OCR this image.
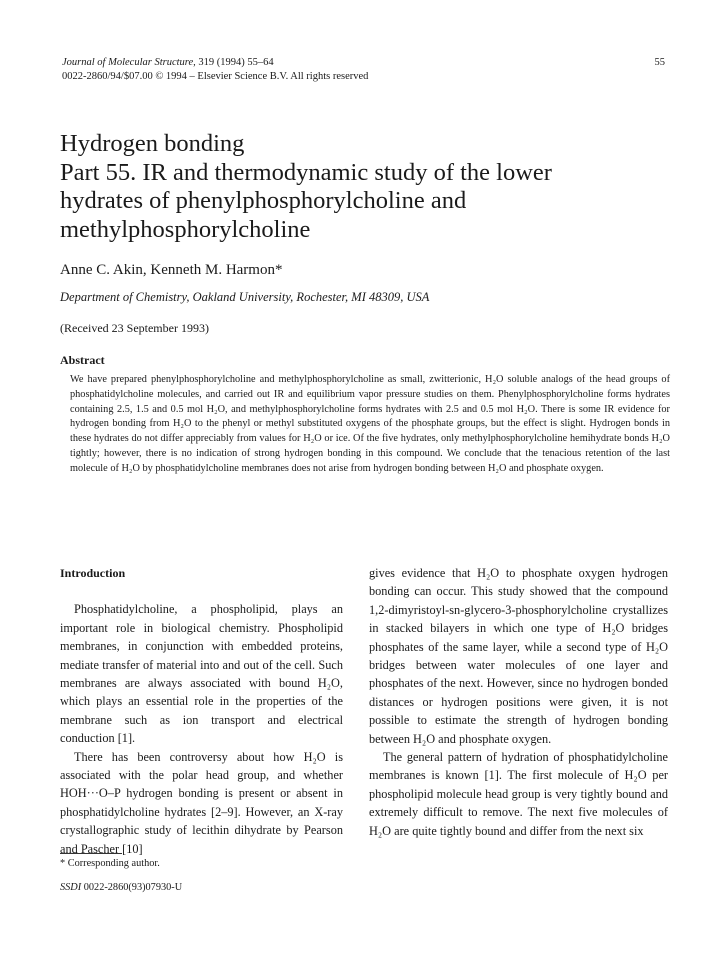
Journal of Molecular Structure, 319 (1994) 55–64
0022-2860/94/$07.00 © 1994 – Elsevier Science B.V. All rights reserved
55
Hydrogen bonding
Part 55. IR and thermodynamic study of the lower
hydrates of phenylphosphorylcholine and
methylphosphorylcholine
Anne C. Akin, Kenneth M. Harmon*
Department of Chemistry, Oakland University, Rochester, MI 48309, USA
(Received 23 September 1993)
Abstract
We have prepared phenylphosphorylcholine and methylphosphorylcholine as small, zwitterionic, H₂O soluble analogs of the head groups of phosphatidylcholine molecules, and carried out IR and equilibrium vapor pressure studies on them. Phenylphosphorylcholine forms hydrates containing 2.5, 1.5 and 0.5 mol H₂O, and methylphosphorylcholine forms hydrates with 2.5 and 0.5 mol H₂O. There is some IR evidence for hydrogen bonding from H₂O to the phenyl or methyl substituted oxygens of the phosphate groups, but the effect is slight. Hydrogen bonds in these hydrates do not differ appreciably from values for H₂O or ice. Of the five hydrates, only methylphosphorylcholine hemihydrate bonds H₂O tightly; however, there is no indication of strong hydrogen bonding in this compound. We conclude that the tenacious retention of the last molecule of H₂O by phosphatidylcholine membranes does not arise from hydrogen bonding between H₂O and phosphate oxygen.
Introduction

Phosphatidylcholine, a phospholipid, plays an important role in biological chemistry. Phospholipid membranes, in conjunction with embedded proteins, mediate transfer of material into and out of the cell. Such membranes are always associated with bound H₂O, which plays an essential role in the properties of the membrane such as ion transport and electrical conduction [1].

There has been controversy about how H₂O is associated with the polar head group, and whether HOH···O–P hydrogen bonding is present or absent in phosphatidylcholine hydrates [2–9]. However, an X-ray crystallographic study of lecithin dihydrate by Pearson and Pascher [10]

gives evidence that H₂O to phosphate oxygen hydrogen bonding can occur. This study showed that the compound 1,2-dimyristoyl-sn-glycero-3-phosphorylcholine crystallizes in stacked bilayers in which one type of H₂O bridges phosphates of the same layer, while a second type of H₂O bridges between water molecules of one layer and phosphates of the next. However, since no hydrogen bonded distances or hydrogen positions were given, it is not possible to estimate the strength of hydrogen bonding between H₂O and phosphate oxygen.

The general pattern of hydration of phosphatidylcholine membranes is known [1]. The first molecule of H₂O per phospholipid molecule head group is very tightly bound and extremely difficult to remove. The next five molecules of H₂O are quite tightly bound and differ from the next six

* Corresponding author.
SSDI 0022-2860(93)07930-U
